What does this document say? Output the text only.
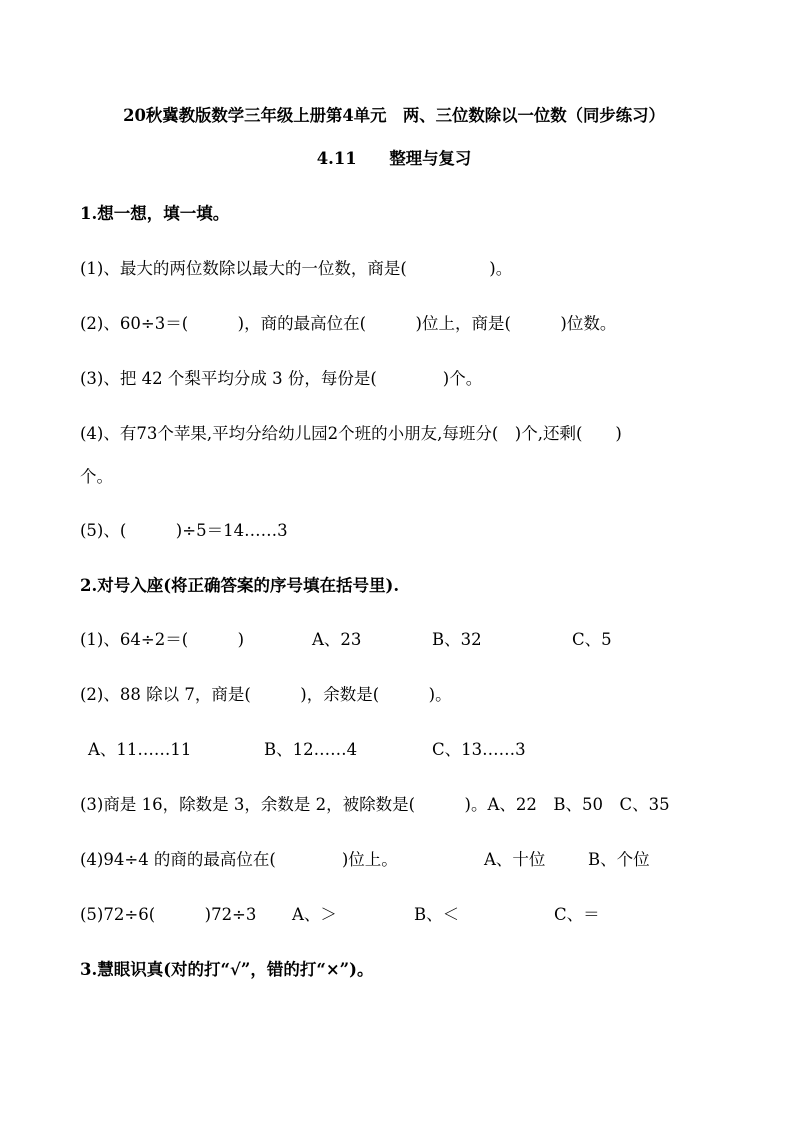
20秋冀教版数学三年级上册第4单元　两、三位数除以一位数（同步练习）
4.11　　整理与复习
1.想一想，填一填。
(1)、最大的两位数除以最大的一位数，商是(　　　　　)。
(2)、60÷3＝(　　　)，商的最高位在(　　　)位上，商是(　　　)位数。
(3)、把 42 个梨平均分成 3 份，每份是(　　　　)个。
(4)、有73个苹果,平均分给幼儿园2个班的小朋友,每班分(　)个,还剩(　　)
个。
(5)、(　　　)÷5＝14……3
2.对号入座(将正确答案的序号填在括号里).
(1)、64÷2＝(　　　)	A、23	B、32	C、5
(2)、88 除以 7，商是(　　　)，余数是(　　　)。
A、11……11	B、12……4	C、13……3
(3)商是 16，除数是 3，余数是 2，被除数是(　　　)。A、22　B、50　C、35
(4)94÷4 的商的最高位在(　　　　)位上。	A、十位	B、个位
(5)72÷6(　　　)72÷3 A、＞	B、＜	C、＝
3.慧眼识真(对的打“√”，错的打“×”)。
